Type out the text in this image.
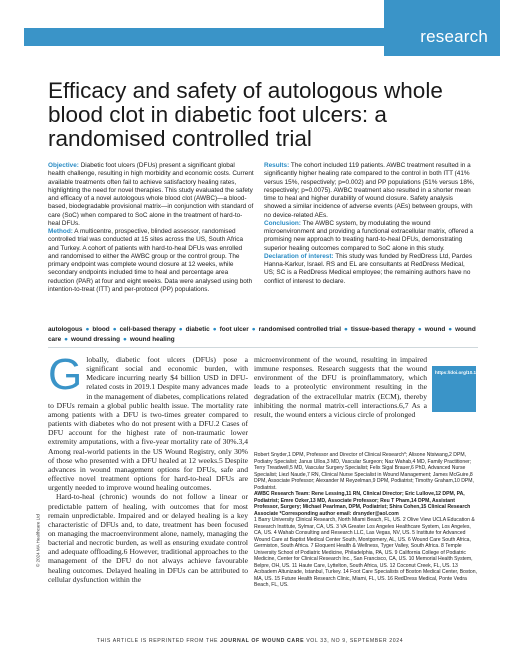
research
Efficacy and safety of autologous whole blood clot in diabetic foot ulcers: a randomised controlled trial

Objective: Diabetic foot ulcers (DFUs) present a significant global health challenge, resulting in high morbidity and economic costs. Current available treatments often fail to achieve satisfactory healing rates, highlighting the need for novel therapies. This study evaluated the safety and efficacy of a novel autologous whole blood clot (AWBC)—a blood-based, biodegradable provisional matrix—in conjunction with standard of care (SoC) when compared to SoC alone in the treatment of hard-to-heal DFUs.

Method: A multicentre, prospective, blinded assessor, randomised controlled trial was conducted at 15 sites across the US, South Africa and Turkey. A cohort of patients with hard-to-heal DFUs was enrolled and randomised to either the AWBC group or the control group. The primary endpoint was complete wound closure at 12 weeks, while secondary endpoints included time to heal and percentage area reduction (PAR) at four and eight weeks. Data were analysed using both intention-to-treat (ITT) and per-protocol (PP) populations.

Results: The cohort included 119 patients. AWBC treatment resulted in a significantly higher healing rate compared to the control in both ITT (41% versus 15%, respectively; p=0.002) and PP populations (51% versus 18%, respectively; p=0.0075). AWBC treatment also resulted in a shorter mean time to heal and higher durability of wound closure. Safety analysis showed a similar incidence of adverse events (AEs) between groups, with no device-related AEs.

Conclusion: The AWBC system, by modulating the wound microenvironment and providing a functional extracellular matrix, offered a promising new approach to treating hard-to-heal DFUs, demonstrating superior healing outcomes compared to SoC alone in this study.

Declaration of interest: This study was funded by RedDress Ltd, Pardes Hanna-Karkur, Israel. RS and EL are consultants at RedDress Medical, US; SC is a RedDress Medical employee; the remaining authors have no conflict of interest to declare.

autologous ● blood ● cell-based therapy ● diabetic ● foot ulcer ● randomised controlled trial ● tissue-based therapy ● wound ● wound care ● wound dressing ● wound healing

Globally, diabetic foot ulcers (DFUs) pose a significant social and economic burden, with Medicare incurring nearly $4 billion USD in DFU-related costs in 2019.1 Despite many advances made in the management of diabetes, complications related to DFUs remain a global public health issue. The mortality rate among patients with a DFU is two-times greater compared to patients with diabetes who do not present with a DFU.2 Cases of DFU account for the highest rate of non-traumatic lower extremity amputations, with a five-year mortality rate of 30%.3,4 Among real-world patients in the US Wound Registry, only 30% of those who presented with a DFU healed at 12 weeks.5 Despite advances in wound management options for DFUs, safe and effective novel treatment options for hard-to-heal DFUs are urgently needed to improve wound healing outcomes.

Hard-to-heal (chronic) wounds do not follow a linear or predictable pattern of healing, with outcomes that for most remain unpredictable. Impaired and or delayed healing is a key characteristic of DFUs and, to date, treatment has been focused on managing the macroenvironment alone, namely, managing the bacterial and necrotic burden, as well as ensuring exudate control and adequate offloading.6 However, traditional approaches to the management of the DFU do not always achieve favourable healing outcomes. Delayed healing in DFUs can be attributed to cellular dysfunction within the

microenvironment of the wound, resulting in impaired immune responses. Research suggests that the wound environment of the DFU is proinflammatory, which leads to a proteolytic environment resulting in the degradation of the extracellular matrix (ECM), thereby inhibiting the normal matrix-cell interactions.6,7 As a result, the wound enters a vicious circle of prolonged

https://doi.org/10.12968/jowc.2024.0195

Robert Snyder,1 DPM, Professor and Director of Clinical Research*; Alisone Ntsiwang,2 DPM, Podiatry Specialist; Janus Ulloa,3 MD, Vascular Surgeon; Naz Wahab,4 MD, Family Practitioner; Terry Treadwell,5 MD, Vascular Surgery Specialist; Felix Sigal Brauer,6 PhD, Advanced Nurse Specialist; Liezl Naude,7 RN, Clinical Nurse Specialist in Wound Management; James McGuire,8 DPM, Associate Professor; Alexander M Reyzelman,9 DPM, Podiatrist; Timothy Graham,10 DPM, Podiatrist.

AWBC Research Team: Rene Lessing,11 RN, Clinical Director; Eric Lullove,12 DPM, PA, Podiatrist; Emre Ozker,13 MD, Associate Professor; Reu T Pham,14 DPM, Assistant Professor, Surgery; Michael Pearlman, DPM, Podiatrist; Shira Cohen,15 Clinical Research Associate *Corresponding author email: drsnyder@aol.com

1 Barry University Clinical Research, North Miami Beach, FL, US. 2 Olive View UCLA Education & Research Institute, Sylmar, CA, US. 3 VA Greater Los Angeles Healthcare System, Los Angeles, CA, US. 4 Wahab Consulting and Research LLC, Las Vegas, NV, US. 5 Institute for Advanced Wound Care at Baptist Medical Center South, Montgomery, AL, US. 6 Wound Care South Africa, Germiston, South Africa. 7 Eloquent Health & Wellness, Tyger Valley, South Africa. 8 Temple University School of Podiatric Medicine, Philadelphia, PA, US. 9 California College of Podiatric Medicine, Center for Clinical Research Inc., San Francisco, CA, US. 10 Memorial Health System, Belpre, OH, US. 11 Haute Care, Lyttelton, South Africa, US. 12 Coconut Creek, FL, US. 13 Acıbadem Altunizade, Istanbul, Turkey. 14 Foot Care Specialists of Boston Medical Center, Boston, MA, US. 15 Future Health Research Clinic, Miami, FL, US. 16 RedDress Medical, Ponte Vedra Beach, FL, US.

© 2024 MA Healthcare Ltd
THIS ARTICLE IS REPRINTED FROM THE JOURNAL OF WOUND CARE VOL 33, NO 9, SEPTEMBER 2024
